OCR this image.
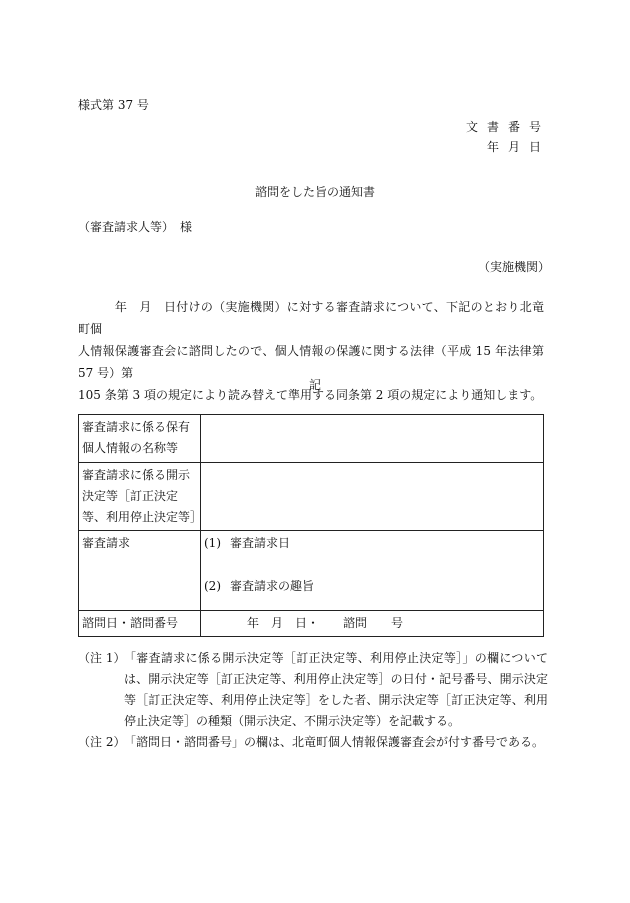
様式第 37 号
文書番号
年月日
諮問をした旨の通知書
（審査請求人等）　様
（実施機関）

　　　年　月　日付けの（実施機関）に対する審査請求について、下記のとおり北竜町個

人情報保護審査会に諮問したので、個人情報の保護に関する法律（平成 15 年法律第 57 号）第

105 条第 3 項の規定により読み替えて準用する同条第 2 項の規定により通知します。

記
審査請求に係る保有個人情報の名称等	
審査請求に係る開示決定等［訂正決定等、利用停止決定等］	
審査請求	(1) 審査請求日
(2) 審査請求の趣旨

諮問日・諮問番号	年　月　日・　　諮問　　号
（注 1）
「審査請求に係る開示決定等［訂正決定等、利用停止決定等］」の欄については、開示決定等［訂正決定等、利用停止決定等］の日付・記号番号、開示決定等［訂正決定等、利用停止決定等］をした者、開示決定等［訂正決定等、利用停止決定等］の種類（開示決定、不開示決定等）を記載する。
（注 2）
「諮問日・諮問番号」の欄は、北竜町個人情報保護審査会が付す番号である。
